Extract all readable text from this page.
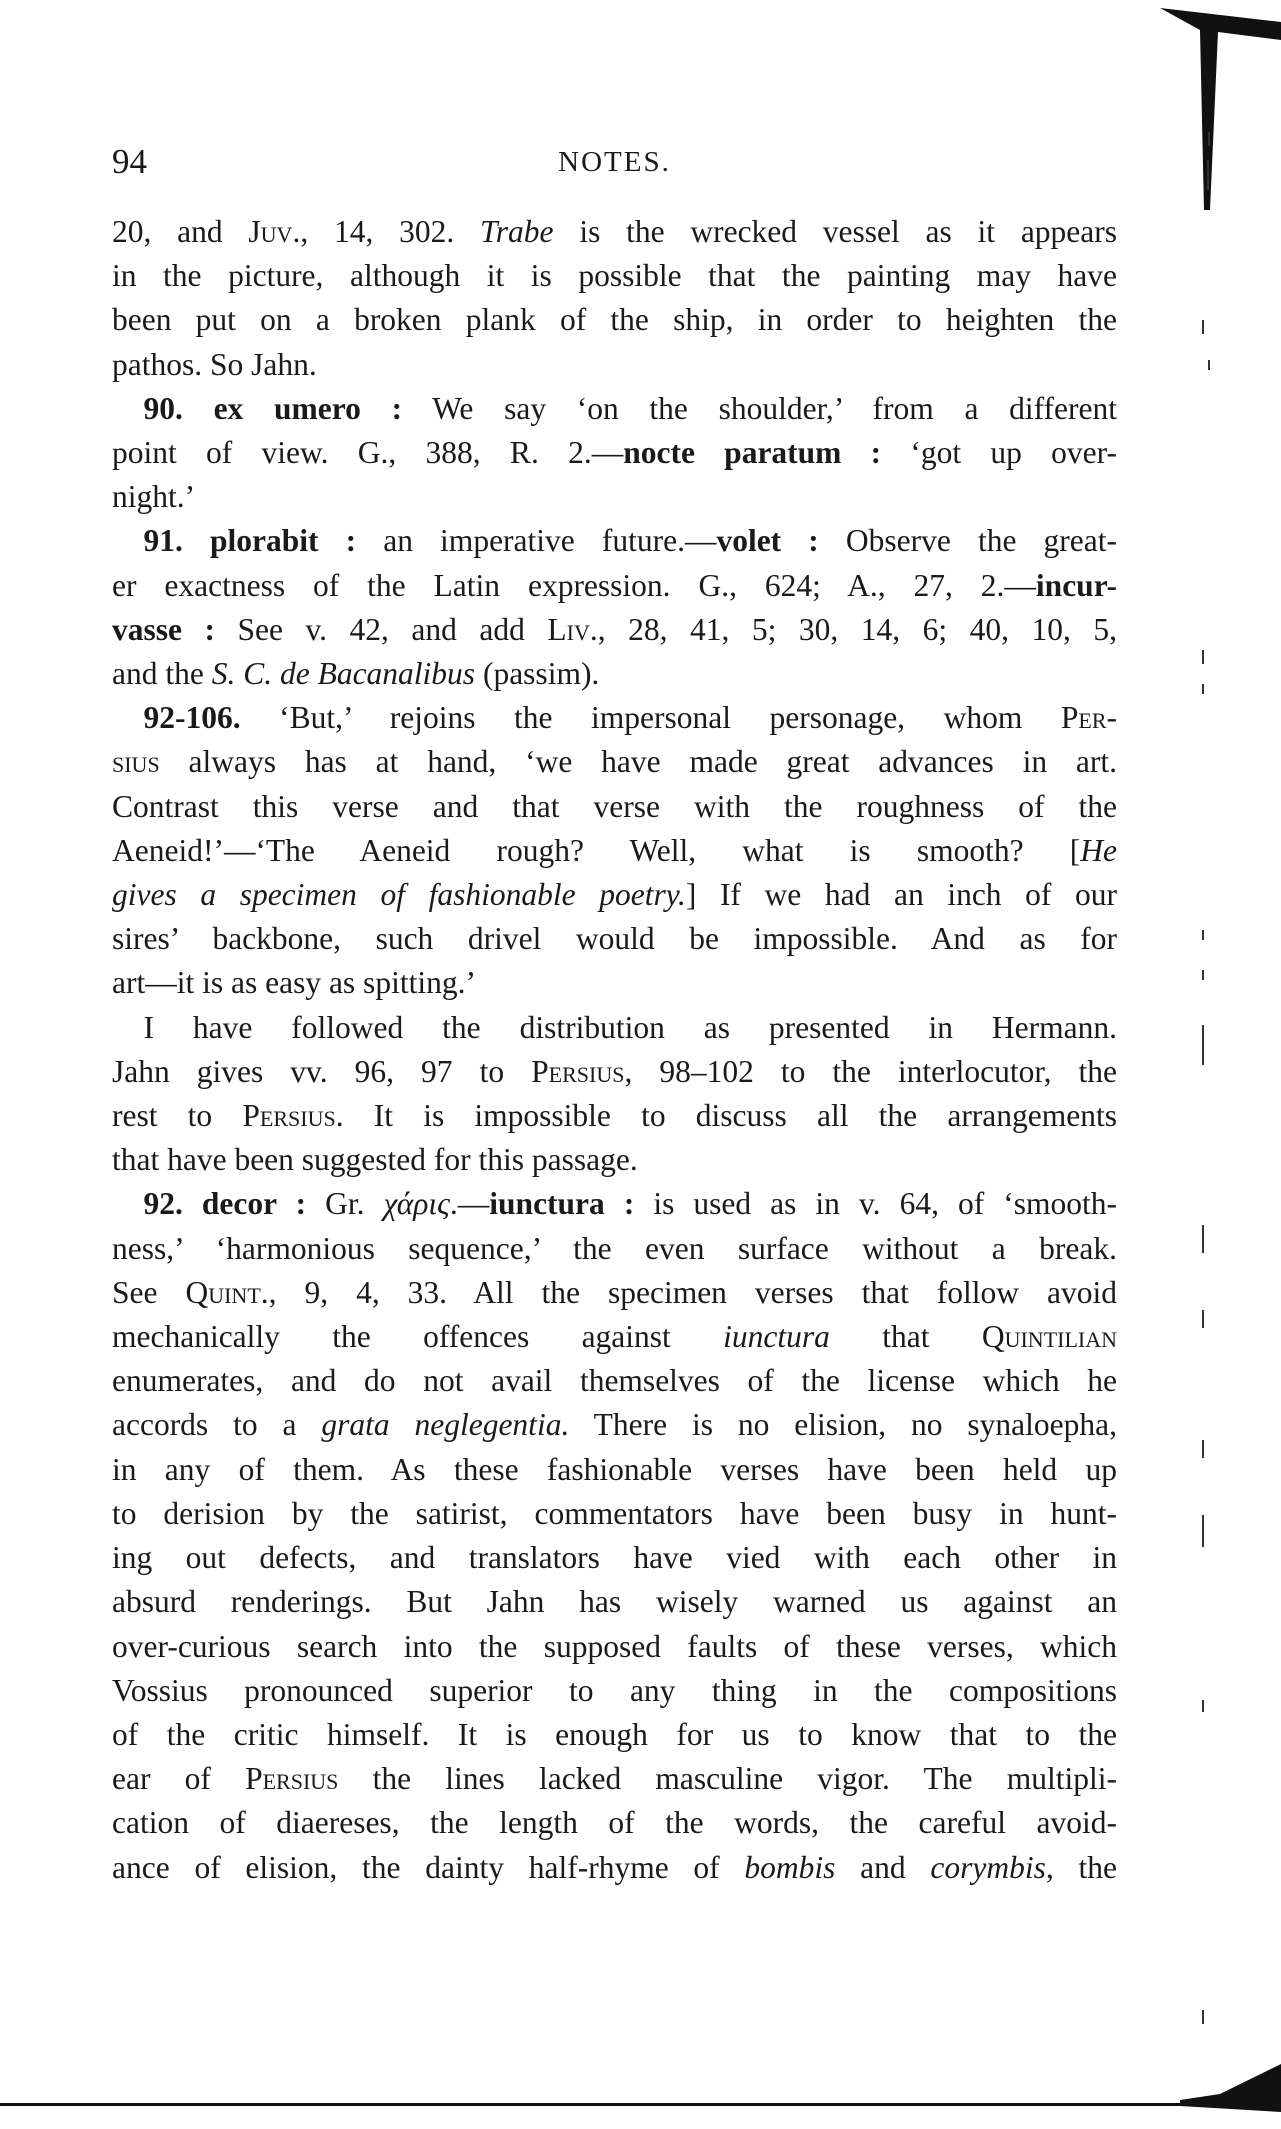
94	NOTES.

20, and Juv., 14, 302. Trabe is the wrecked vessel as it appears
in the picture, although it is possible that the painting may have
been put on a broken plank of the ship, in order to heighten the
pathos. So Jahn.

 90. ex umero : We say ‘on the shoulder,’ from a different
point of view. G., 388, R. 2.—nocte paratum : ‘got up over-
night.’

 91. plorabit : an imperative future.—volet : Observe the great-
er exactness of the Latin expression. G., 624; A., 27, 2.—incur-
vasse : See v. 42, and add Liv., 28, 41, 5; 30, 14, 6; 40, 10, 5,
and the S. C. de Bacanalibus (passim).

 92-106. ‘But,’ rejoins the impersonal personage, whom Per-
sius always has at hand, ‘we have made great advances in art.
Contrast this verse and that verse with the roughness of the
Aeneid!’—‘The Aeneid rough? Well, what is smooth? [He
gives a specimen of fashionable poetry.] If we had an inch of our
sires’ backbone, such drivel would be impossible. And as for
art—it is as easy as spitting.’

 I have followed the distribution as presented in Hermann.
Jahn gives vv. 96, 97 to Persius, 98–102 to the interlocutor, the
rest to Persius. It is impossible to discuss all the arrangements
that have been suggested for this passage.

 92. decor : Gr. χάρις.—iunctura : is used as in v. 64, of ‘smooth-
ness,’ ‘harmonious sequence,’ the even surface without a break.
See Quint., 9, 4, 33. All the specimen verses that follow avoid
mechanically the offences against iunctura that Quintilian
enumerates, and do not avail themselves of the license which he
accords to a grata neglegentia. There is no elision, no synaloepha,
in any of them. As these fashionable verses have been held up
to derision by the satirist, commentators have been busy in hunt-
ing out defects, and translators have vied with each other in
absurd renderings. But Jahn has wisely warned us against an
over-curious search into the supposed faults of these verses, which
Vossius pronounced superior to any thing in the compositions
of the critic himself. It is enough for us to know that to the
ear of Persius the lines lacked masculine vigor. The multipli-
cation of diaereses, the length of the words, the careful avoid-
ance of elision, the dainty half-rhyme of bombis and corymbis, the
